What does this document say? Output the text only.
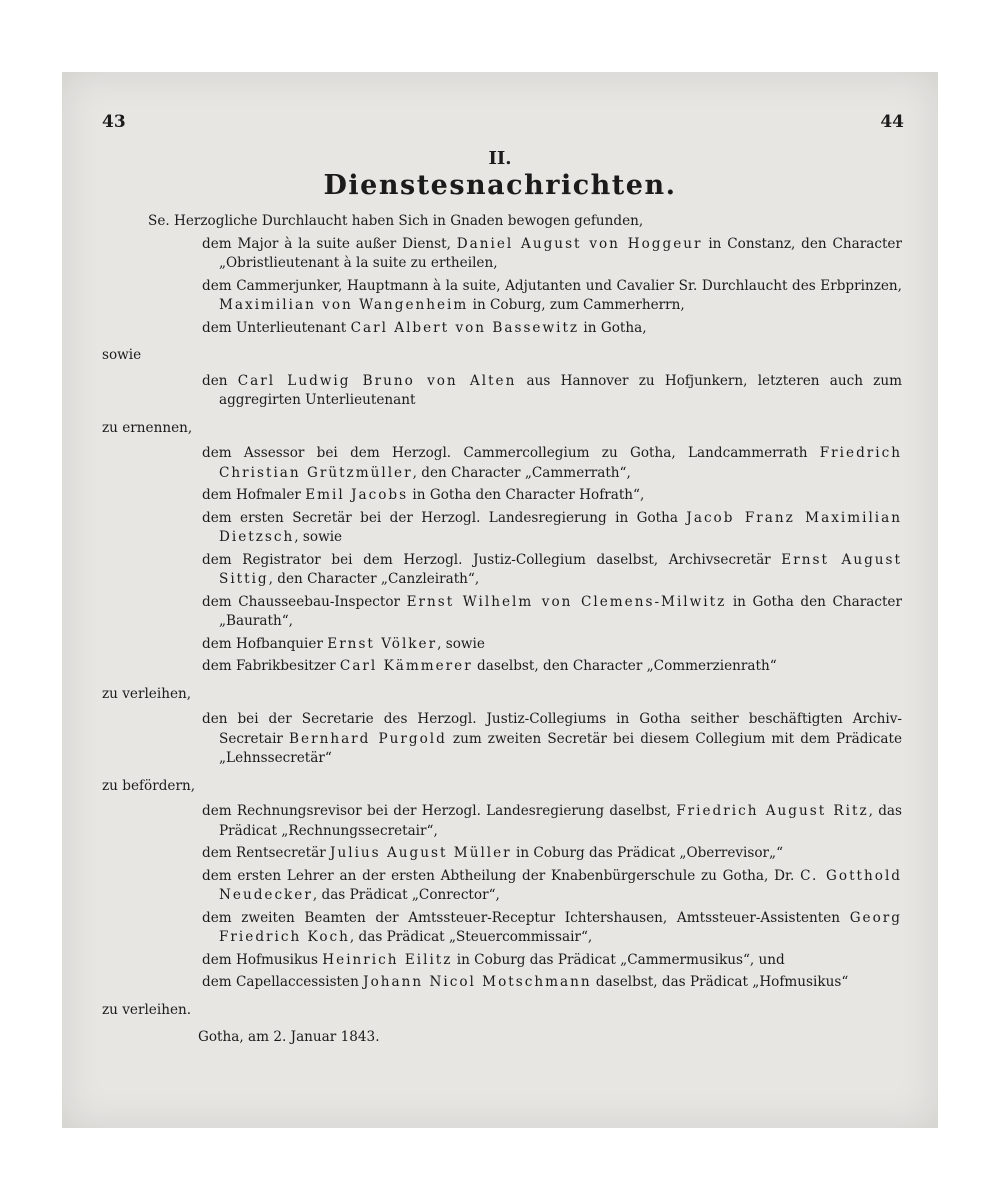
43	44
II.
Dienstesnachrichten.
Se. Herzogliche Durchlaucht haben Sich in Gnaden bewogen gefunden,
dem Major à la suite außer Dienst, Daniel August von Hoggeur in Constanz, den Character „Obristlieutenant à la suite zu ertheilen,
dem Cammerjunker, Hauptmann à la suite, Adjutanten und Cavalier Sr. Durchlaucht des Erbprinzen, Maximilian von Wangenheim in Coburg, zum Cammerherrn,
dem Unterlieutenant Carl Albert von Bassewitz in Gotha,
sowie
den Carl Ludwig Bruno von Alten aus Hannover zu Hofjunkern, letzteren auch zum aggregirten Unterlieutenant
zu ernennen,
dem Assessor bei dem Herzogl. Cammercollegium zu Gotha, Landcammerrath Friedrich Christian Grützmüller, den Character „Cammerrath“,
dem Hofmaler Emil Jacobs in Gotha den Character Hofrath“,
dem ersten Secretär bei der Herzogl. Landesregierung in Gotha Jacob Franz Maximilian Dietzsch, sowie
dem Registrator bei dem Herzogl. Justiz-Collegium daselbst, Archivsecretär Ernst August Sittig, den Character „Canzleirath“,
dem Chausseebau-Inspector Ernst Wilhelm von Clemens-Milwitz in Gotha den Character „Baurath“,
dem Hofbanquier Ernst Völker, sowie
dem Fabrikbesitzer Carl Kämmerer daselbst, den Character „Commerzienrath“
zu verleihen,
den bei der Secretarie des Herzogl. Justiz-Collegiums in Gotha seither beschäftigten Archiv-Secretair Bernhard Purgold zum zweiten Secretär bei diesem Collegium mit dem Prädicate „Lehnssecretär“
zu befördern,
dem Rechnungsrevisor bei der Herzogl. Landesregierung daselbst, Friedrich August Ritz, das Prädicat „Rechnungssecretair“,
dem Rentsecretär Julius August Müller in Coburg das Prädicat „Oberrevisor„“
dem ersten Lehrer an der ersten Abtheilung der Knabenbürgerschule zu Gotha, Dr. C. Gotthold Neudecker, das Prädicat „Conrector“,
dem zweiten Beamten der Amtssteuer-Receptur Ichtershausen, Amtssteuer-Assistenten Georg Friedrich Koch, das Prädicat „Steuercommissair“,
dem Hofmusikus Heinrich Eilitz in Coburg das Prädicat „Cammermusikus“, und
dem Capellaccessisten Johann Nicol Motschmann daselbst, das Prädicat „Hofmusikus“
zu verleihen.
Gotha, am 2. Januar 1843.
